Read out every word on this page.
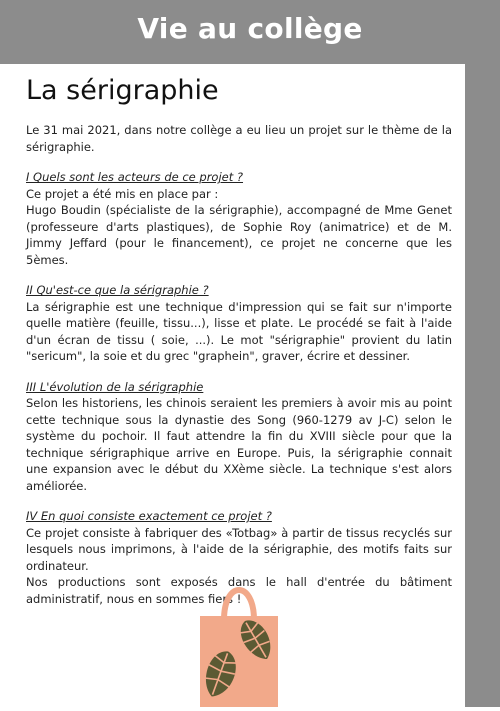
Vie au collège
La sérigraphie

Le 31 mai 2021, dans notre collège a eu lieu un projet sur le thème de la sérigraphie.

I Quels sont les acteurs de ce projet ?

Ce projet a été mis en place par :

Hugo Boudin (spécialiste de la sérigraphie), accompagné de Mme Genet (professeure d'arts plastiques), de Sophie Roy (animatrice) et de M. Jimmy Jeffard (pour le financement), ce projet ne concerne que les 5èmes.

II Qu'est-ce que la sérigraphie ?

La sérigraphie est une technique d'impression qui se fait sur n'importe quelle matière (feuille, tissu...), lisse et plate. Le procédé se fait à l'aide d'un écran de tissu ( soie, ...). Le mot "sérigraphie" provient du latin "sericum", la soie et du grec "graphein", graver, écrire et dessiner.

III L'évolution de la sérigraphie

Selon les historiens, les chinois seraient les premiers à avoir mis au point cette technique sous la dynastie des Song (960-1279 av J-C) selon le système du pochoir. Il faut attendre la fin du XVIII siècle pour que la technique sérigraphique arrive en Europe. Puis, la sérigraphie connait une expansion avec le début du XXème siècle. La technique s'est alors améliorée.

IV En quoi consiste exactement ce projet ?

Ce projet consiste à fabriquer des «Totbag» à partir de tissus recyclés sur lesquels nous imprimons, à l'aide de la sérigraphie, des motifs faits sur ordinateur.

Nos productions sont exposés dans le hall d'entrée du bâtiment administratif, nous en sommes fiers !
